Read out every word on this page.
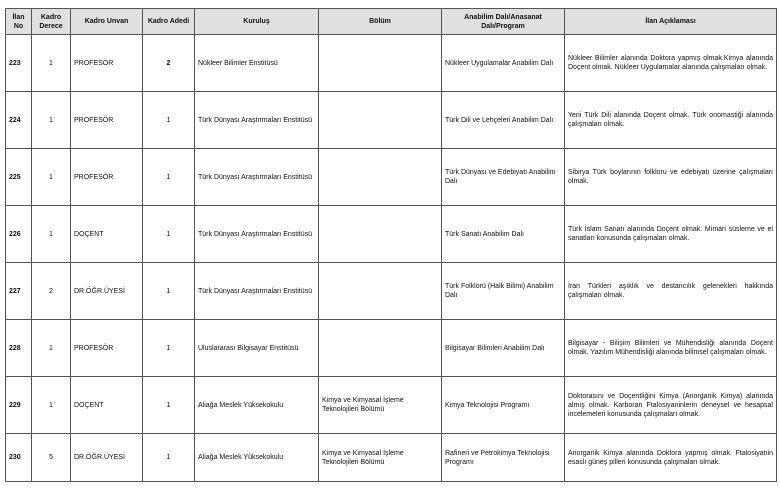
İlan No	Kadro Derece	Kadro Unvan	Kadro Adedi	Kuruluş	Bölüm	Anabilim Dalı/Anasanat Dalı/Program	İlan Açıklaması
223	1	PROFESÖR	2	Nükleer Bilimler Enstitüsü		Nükleer Uygulamalar Anabilim Dalı	Nükleer Bilimler alanında Doktora yapmış olmak.Kimya alanında Doçent olmak. Nükleer Uygulamalar alanında çalışmaları olmak.
224	1	PROFESÖR	1	Türk Dünyası Araştırmaları Enstitüsü		Türk Dili ve Lehçeleri Anabilim Dalı	Yeni Türk Dili alanında Doçent olmak. Türk onomastiği alanında çalışmaları olmak.
225	1	PROFESÖR	1	Türk Dünyası Araştırmaları Enstitüsü		Türk Dünyası ve Edebiyatı Anabilim Dalı	Sibirya Türk boylarının folkloru ve edebiyatı üzerine çalışmaları olmak.
226	1	DOÇENT	1	Türk Dünyası Araştırmaları Enstitüsü		Türk Sanatı Anabilim Dalı	Türk İslam Sanatı alanında Doçent olmak. Mimari süsleme ve el sanatları konusunda çalışmaları olmak.
227	2	DR.ÖĞR.ÜYESİ	1	Türk Dünyası Araştırmaları Enstitüsü		Türk Folklorü (Halk Bilimi) Anabilim Dalı	İran Türkleri aşıklık ve destancılık gelenekleri hakkında çalışmaları olmak.
228	1	PROFESÖR	1	Uluslararası Bilgisayar Enstitüsü		Bilgisayar Bilimleri Anabilim Dalı	Bilgisayar - Bilişim Bilimleri ve Mühendisliği alanında Doçent olmak. Yazılım Mühendisliği alanında bilimsel çalışmaları olmak.
229	1	DOÇENT	1	Aliağa Meslek Yüksekokulu	Kimya ve Kimyasal İşleme Teknolojileri Bölümü	Kimya Teknolojisi Programı	Doktorasını ve Doçentliğini Kimya (Anorganik Kimya) alanında almış olmak. Karboran Ftalosiyaninlerin deneysel ve hesapsal incelemeleri konusunda çalışmaları olmak.
230	5	DR.ÖĞR.ÜYESİ	1	Aliağa Meslek Yüksekokulu	Kimya ve Kimyasal İşleme Teknolojileri Bölümü	Rafineri ve Petrokimya Teknolojisi Programı	Anorganik Kimya alanında Doktora yapmış olmak. Ftalosiyanin esaslı güneş pilleri konusunda çalışmaları olmak.
